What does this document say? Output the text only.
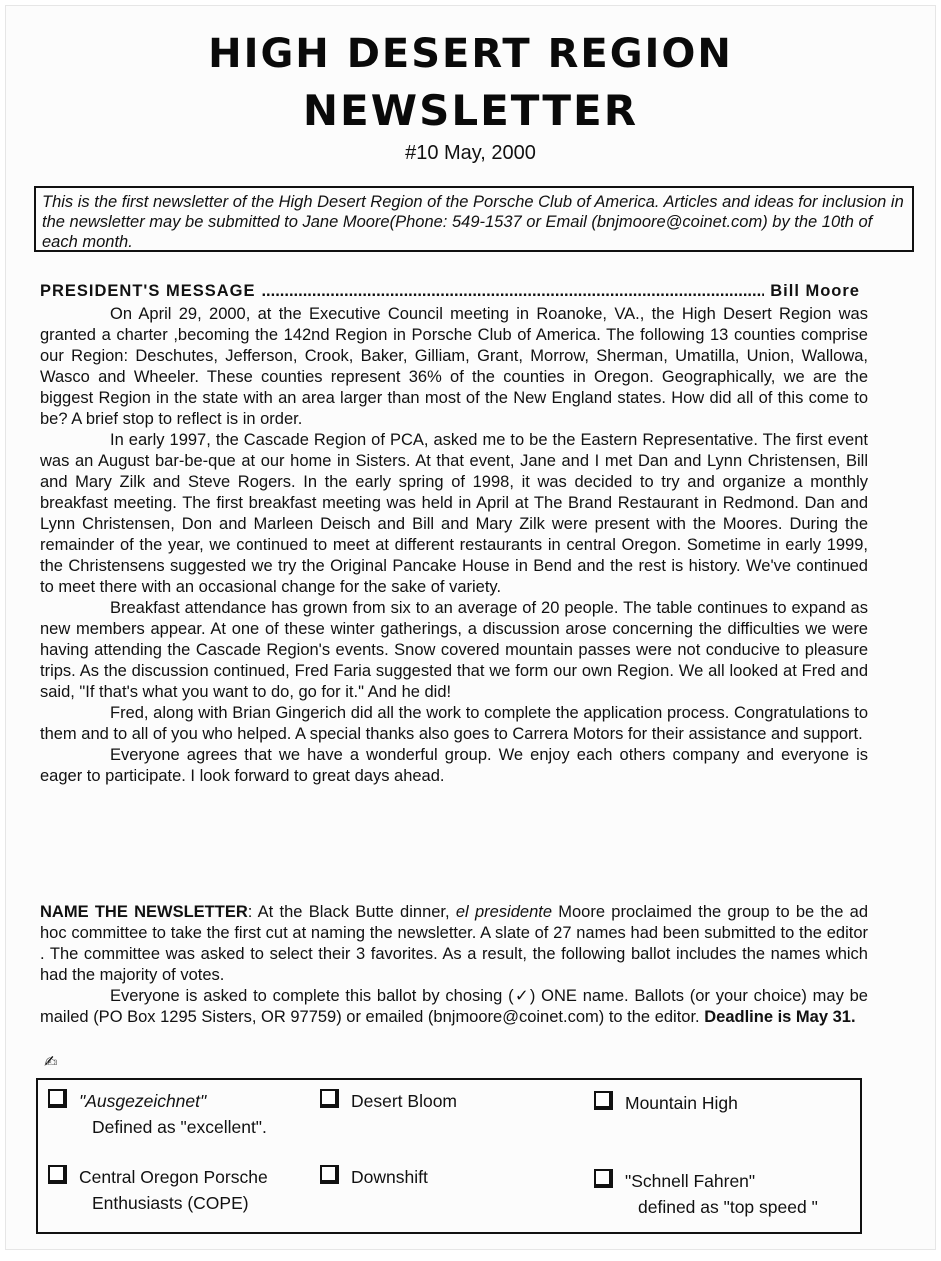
HIGH DESERT REGION
NEWSLETTER
#10 May, 2000
This is the first newsletter of the High Desert Region of the Porsche Club of America. Articles and ideas for inclusion in the newsletter may be submitted to Jane Moore(Phone: 549-1537 or Email (bnjmoore@coinet.com) by the 10th of each month.
PRESIDENT'S MESSAGE
.....	Bill Moore

On April 29, 2000, at the Executive Council meeting in Roanoke, VA., the High Desert Region was granted a charter ,becoming the 142nd Region in Porsche Club of America. The following 13 counties comprise our Region: Deschutes, Jefferson, Crook, Baker, Gilliam, Grant, Morrow, Sherman, Umatilla, Union, Wallowa, Wasco and Wheeler. These counties represent 36% of the counties in Oregon. Geographically, we are the biggest Region in the state with an area larger than most of the New England states. How did all of this come to be? A brief stop to reflect is in order.

In early 1997, the Cascade Region of PCA, asked me to be the Eastern Representative. The first event was an August bar-be-que at our home in Sisters. At that event, Jane and I met Dan and Lynn Christensen, Bill and Mary Zilk and Steve Rogers. In the early spring of 1998, it was decided to try and organize a monthly breakfast meeting. The first breakfast meeting was held in April at The Brand Restaurant in Redmond. Dan and Lynn Christensen, Don and Marleen Deisch and Bill and Mary Zilk were present with the Moores. During the remainder of the year, we continued to meet at different restaurants in central Oregon. Sometime in early 1999, the Christensens suggested we try the Original Pancake House in Bend and the rest is history. We've continued to meet there with an occasional change for the sake of variety.

Breakfast attendance has grown from six to an average of 20 people. The table continues to expand as new members appear. At one of these winter gatherings, a discussion arose concerning the difficulties we were having attending the Cascade Region's events. Snow covered mountain passes were not conducive to pleasure trips. As the discussion continued, Fred Faria suggested that we form our own Region. We all looked at Fred and said, "If that's what you want to do, go for it." And he did!

Fred, along with Brian Gingerich did all the work to complete the application process. Congratulations to them and to all of you who helped. A special thanks also goes to Carrera Motors for their assistance and support.

Everyone agrees that we have a wonderful group. We enjoy each others company and everyone is eager to participate. I look forward to great days ahead.

NAME THE NEWSLETTER: At the Black Butte dinner, el presidente Moore proclaimed the group to be the ad hoc committee to take the first cut at naming the newsletter. A slate of 27 names had been submitted to the editor . The committee was asked to select their 3 favorites. As a result, the following ballot includes the names which had the majority of votes.

Everyone is asked to complete this ballot by chosing (✓) ONE name. Ballots (or your choice) may be mailed (PO Box 1295 Sisters, OR 97759) or emailed (bnjmoore@coinet.com) to the editor. Deadline is May 31.

✍
"Ausgezeichnet"
Defined as "excellent".
Desert Bloom	Mountain High
Central Oregon Porsche
Enthusiasts (COPE)
Downshift	"Schnell Fahren"
defined as "top speed "
